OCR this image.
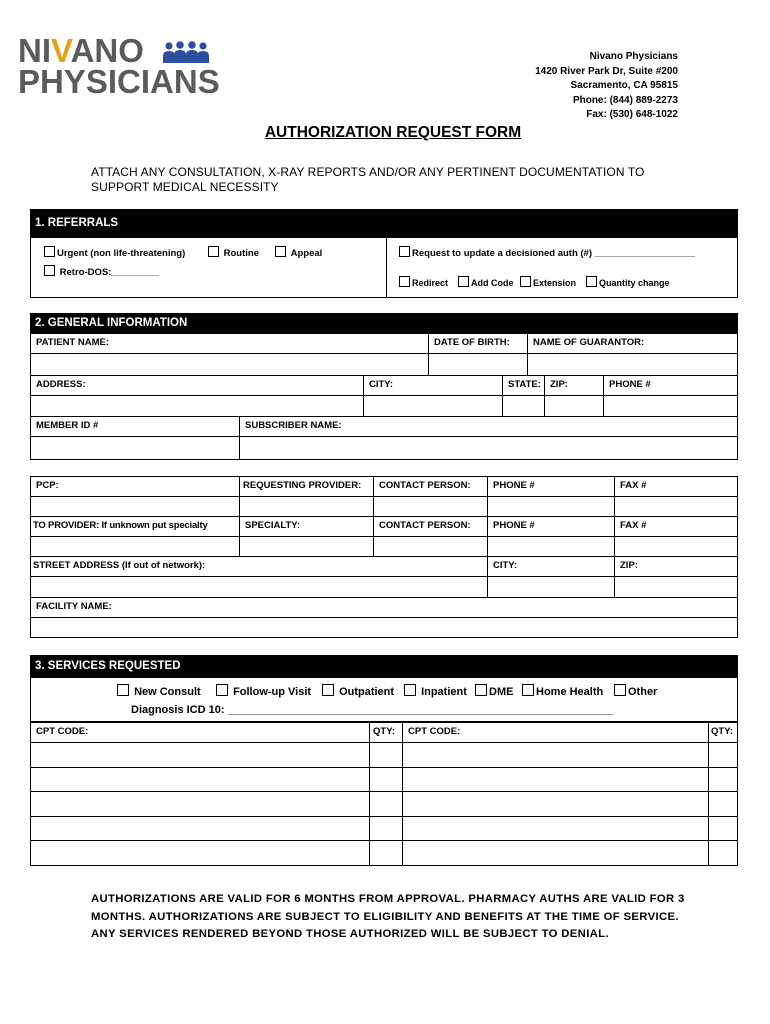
NIVANO
PHYSICIANS
Nivano Physicians
1420 River Park Dr, Suite #200
Sacramento, CA 95815
Phone: (844) 889-2273
Fax: (530) 648-1022
AUTHORIZATION REQUEST FORM
ATTACH ANY CONSULTATION, X-RAY REPORTS AND/OR ANY PERTINENT DOCUMENTATION TO SUPPORT MEDICAL NECESSITY
1. REFERRALS
Urgent (non life-threatening)	Routine	Appeal
Retro-DOS:_________
Request to update a decisioned auth (#) ___________________
Redirect	Add Code	Extension	Quantity change
2. GENERAL INFORMATION
PATIENT NAME:	DATE OF BIRTH:	NAME OF GUARANTOR:
ADDRESS:	CITY:	STATE: ZIP:	PHONE #
MEMBER ID #	SUBSCRIBER NAME:
PCP:	REQUESTING PROVIDER:	CONTACT PERSON:	PHONE #	FAX #
TO PROVIDER: If unknown put specialty	SPECIALTY:	CONTACT PERSON:	PHONE #	FAX #
STREET ADDRESS (If out of network):	CITY:	ZIP:
FACILITY NAME:
3. SERVICES REQUESTED
New Consult	Follow-up Visit	Outpatient	Inpatient	DME	Home Health	Other
Diagnosis ICD 10: _______________________________________________________________
CPT CODE:	QTY:	CPT CODE:	QTY:
AUTHORIZATIONS ARE VALID FOR 6 MONTHS FROM APPROVAL. PHARMACY AUTHS ARE VALID FOR 3 MONTHS. AUTHORIZATIONS ARE SUBJECT TO ELIGIBILITY AND BENEFITS AT THE TIME OF SERVICE. ANY SERVICES RENDERED BEYOND THOSE AUTHORIZED WILL BE SUBJECT TO DENIAL.
